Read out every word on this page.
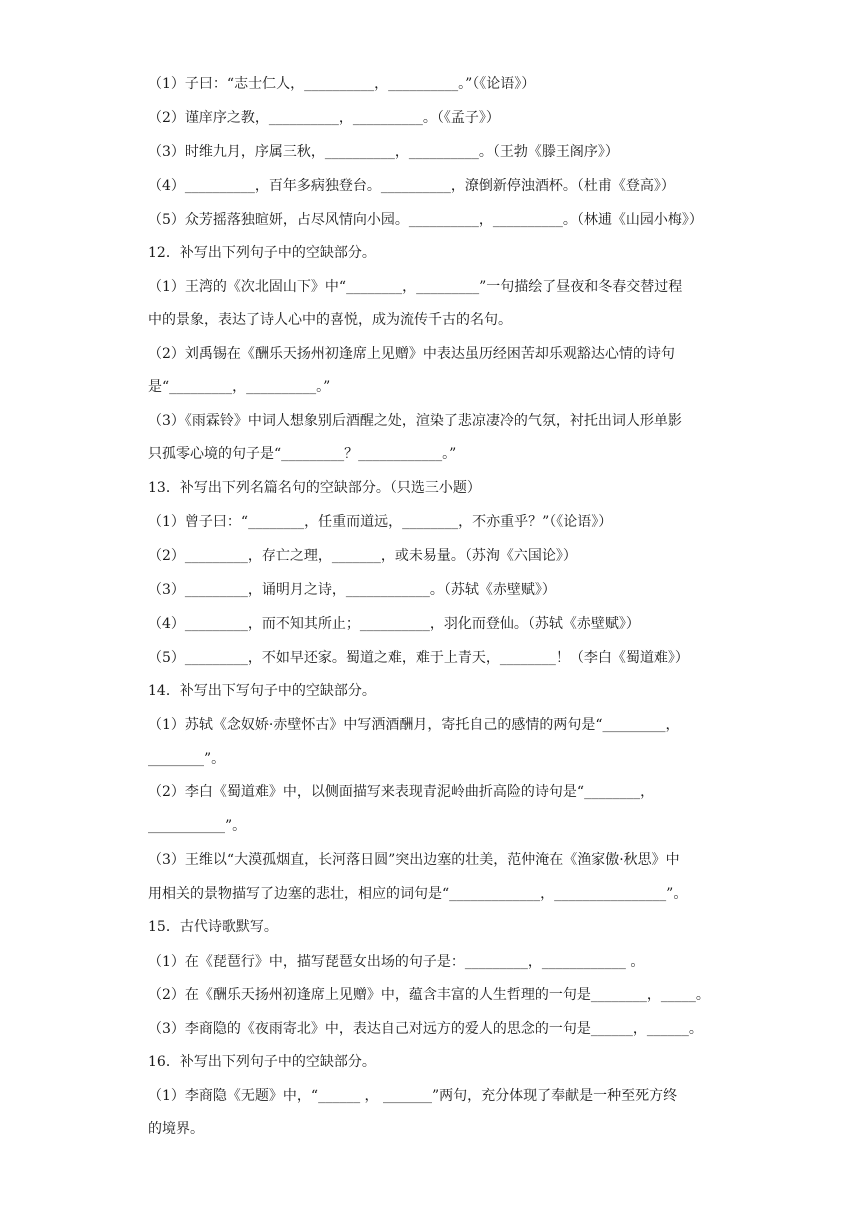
（1）子曰：“志士仁人，__________，__________。”（《论语》）
（2）谨庠序之教，__________，__________。（《孟子》）
（3）时维九月，序属三秋，__________，__________。（王勃《滕王阁序》）
（4）__________，百年多病独登台。__________，潦倒新停浊酒杯。（杜甫《登高》）
（5）众芳摇落独暄妍，占尽风情向小园。__________，__________。（林逋《山园小梅》）
12．补写出下列句子中的空缺部分。
（1）王湾的《次北固山下》中“________，_________”一句描绘了昼夜和冬春交替过程
中的景象，表达了诗人心中的喜悦，成为流传千古的名句。
（2）刘禹锡在《酬乐天扬州初逢席上见赠》中表达虽历经困苦却乐观豁达心情的诗句
是“_________，__________。”
（3）《雨霖铃》中词人想象别后酒醒之处，渲染了悲凉凄冷的气氛，衬托出词人形单影
只孤零心境的句子是“_________？____________。”
13．补写出下列名篇名句的空缺部分。（只选三小题）
（1）曾子曰：“________，任重而道远，________，不亦重乎？”（《论语》）
（2）_________，存亡之理，_______，或未易量。（苏洵《六国论》）
（3）_________，诵明月之诗，____________。（苏轼《赤壁赋》）
（4）_________，而不知其所止；__________，羽化而登仙。（苏轼《赤壁赋》）
（5）_________，不如早还家。蜀道之难，难于上青天，________！（李白《蜀道难》）
14．补写出下写句子中的空缺部分。
（1）苏轼《念奴娇·赤壁怀古》中写洒酒酬月，寄托自己的感情的两句是“_________，
________”。
（2）李白《蜀道难》中，以侧面描写来表现青泥岭曲折高险的诗句是“________，
___________”。
（3）王维以“大漠孤烟直，长河落日圆”突出边塞的壮美，范仲淹在《渔家傲·秋思》中
用相关的景物描写了边塞的悲壮，相应的词句是“_____________，________________”。
15．古代诗歌默写。
（1）在《琵琶行》中，描写琵琶女出场的句子是：_________，____________ 。
（2）在《酬乐天扬州初逢席上见赠》中，蕴含丰富的人生哲理的一句是________，_____。
（3）李商隐的《夜雨寄北》中，表达自己对远方的爱人的思念的一句是______，______。
16．补写出下列句子中的空缺部分。
（1）李商隐《无题》中，“______ ， _______”两句，充分体现了奉献是一种至死方终
的境界。
